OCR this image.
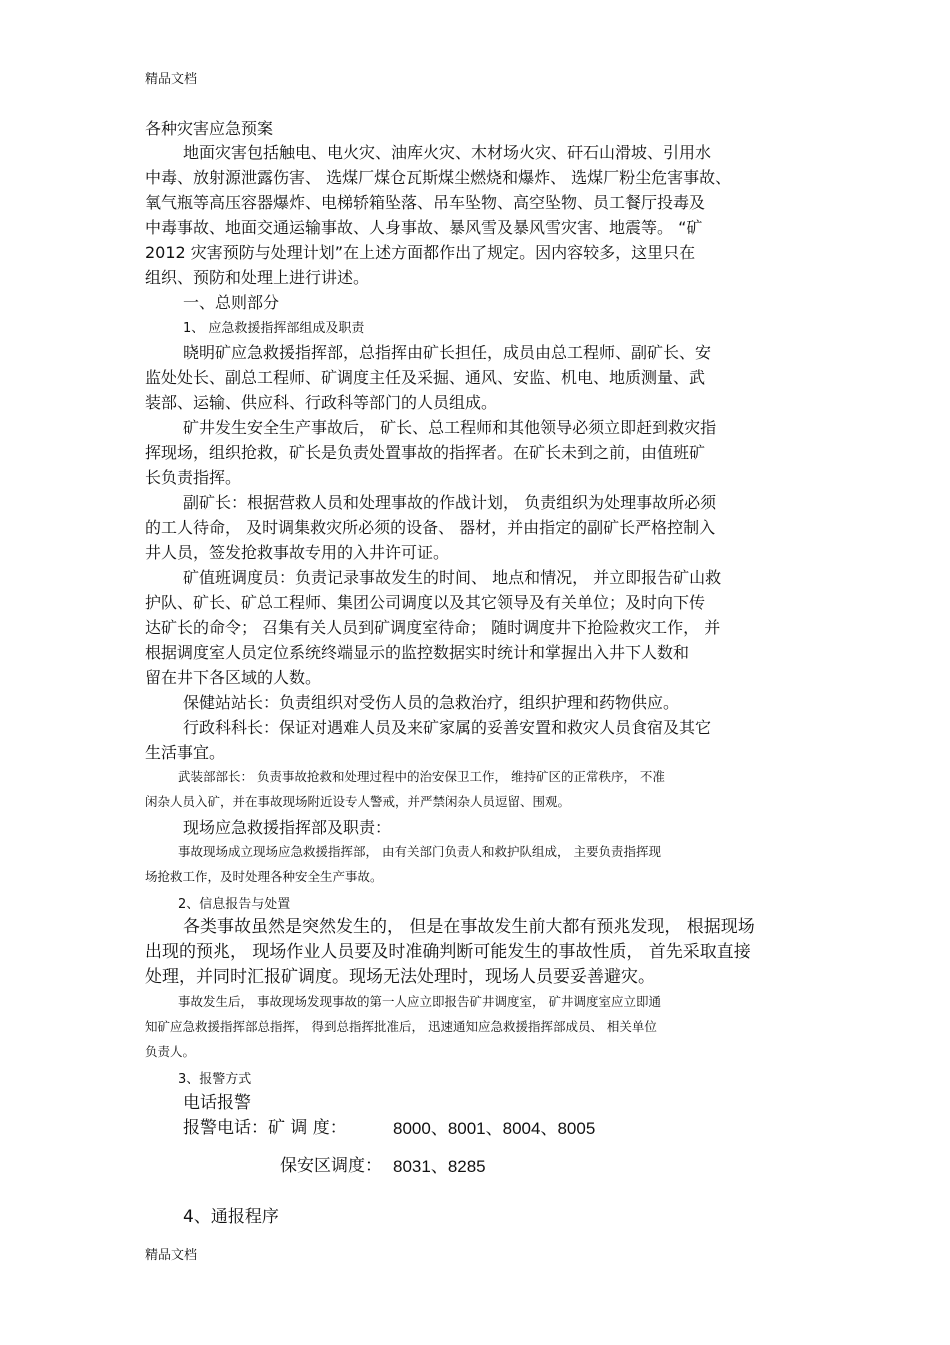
精品文档
各种灾害应急预案
地面灾害包括触电、电火灾、油库火灾、木材场火灾、矸石山滑坡、引用水
中毒、放射源泄露伤害、 选煤厂煤仓瓦斯煤尘燃烧和爆炸、 选煤厂粉尘危害事故、
氧气瓶等高压容器爆炸、电梯轿箱坠落、吊车坠物、高空坠物、员工餐厅投毒及
中毒事故、地面交通运输事故、人身事故、暴风雪及暴风雪灾害、地震等。 “矿
2012 灾害预防与处理计划”在上述方面都作出了规定。因内容较多，这里只在
组织、预防和处理上进行讲述。
一、总则部分
1、 应急救援指挥部组成及职责
晓明矿应急救援指挥部，总指挥由矿长担任，成员由总工程师、副矿长、安
监处处长、副总工程师、矿调度主任及采掘、通风、安监、机电、地质测量、武
装部、运输、供应科、行政科等部门的人员组成。
矿井发生安全生产事故后， 矿长、总工程师和其他领导必须立即赶到救灾指
挥现场，组织抢救，矿长是负责处置事故的指挥者。在矿长未到之前，由值班矿
长负责指挥。
副矿长：根据营救人员和处理事故的作战计划， 负责组织为处理事故所必须
的工人待命， 及时调集救灾所必须的设备、 器材，并由指定的副矿长严格控制入
井人员，签发抢救事故专用的入井许可证。
矿值班调度员：负责记录事故发生的时间、 地点和情况， 并立即报告矿山救
护队、矿长、矿总工程师、集团公司调度以及其它领导及有关单位；及时向下传
达矿长的命令； 召集有关人员到矿调度室待命； 随时调度井下抢险救灾工作， 并
根据调度室人员定位系统终端显示的监控数据实时统计和掌握出入井下人数和
留在井下各区域的人数。
保健站站长：负责组织对受伤人员的急救治疗，组织护理和药物供应。
行政科科长：保证对遇难人员及来矿家属的妥善安置和救灾人员食宿及其它
生活事宜。
武装部部长： 负责事故抢救和处理过程中的治安保卫工作， 维持矿区的正常秩序， 不准
闲杂人员入矿，并在事故现场附近设专人警戒，并严禁闲杂人员逗留、围观。
现场应急救援指挥部及职责：
事故现场成立现场应急救援指挥部， 由有关部门负责人和救护队组成， 主要负责指挥现
场抢救工作，及时处理各种安全生产事故。
2、信息报告与处置
各类事故虽然是突然发生的， 但是在事故发生前大都有预兆发现， 根据现场
出现的预兆， 现场作业人员要及时准确判断可能发生的事故性质， 首先采取直接
处理，并同时汇报矿调度。现场无法处理时，现场人员要妥善避灾。
事故发生后， 事故现场发现事故的第一人应立即报告矿井调度室， 矿井调度室应立即通
知矿应急救援指挥部总指挥， 得到总指挥批准后， 迅速通知应急救援指挥部成员、 相关单位
负责人。
3、报警方式
电话报警
报警电话：矿 调 度：	8000、8001、8004、8005
保安区调度： 8031、8285
4、通报程序
精品文档
